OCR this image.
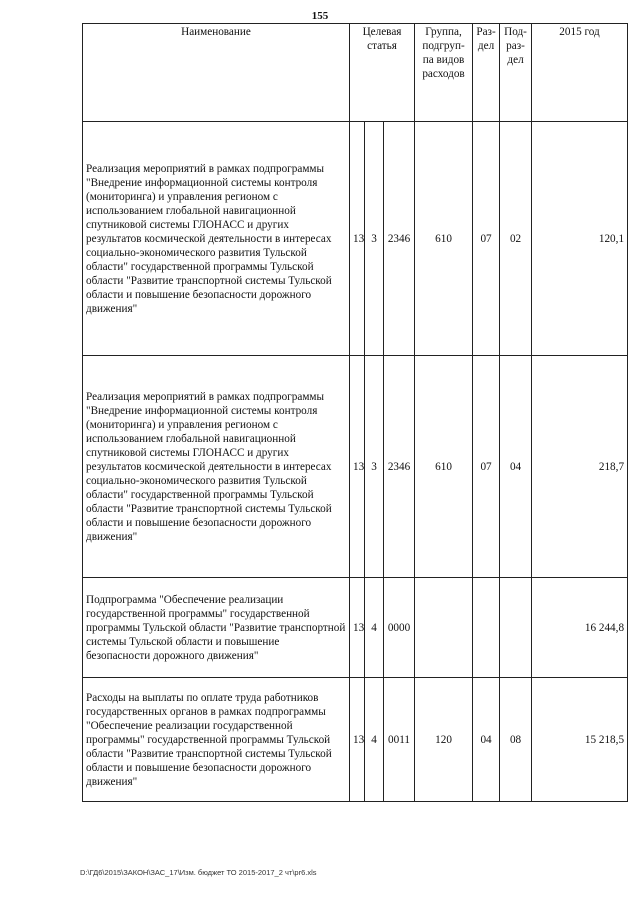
155
Наименование	Целевая статья			Группа, подгруп-па видов расходов	Раз-дел	Под-раз-дел	2015 год
Реализация мероприятий в рамках подпрограммы "Внедрение информационной системы контроля (мониторинга) и управления регионом с использованием глобальной навигационной спутниковой системы ГЛОНАСС и других результатов космической деятельности в интересах социально-экономического развития Тульской области" государственной программы Тульской области "Развитие транспортной системы Тульской области и повышение безопасности дорожного движения"	13	3	2346	610	07	02	120,1
Реализация мероприятий в рамках подпрограммы "Внедрение информационной системы контроля (мониторинга) и управления регионом с использованием глобальной навигационной спутниковой системы ГЛОНАСС и других результатов космической деятельности в интересах социально-экономического развития Тульской области" государственной программы Тульской области "Развитие транспортной системы Тульской области и повышение безопасности дорожного движения"	13	3	2346	610	07	04	218,7
Подпрограмма "Обеспечение реализации государственной программы" государственной программы Тульской области "Развитие транспортной системы Тульской области и повышение безопасности дорожного движения"	13	4	0000				16 244,8
Расходы на выплаты по оплате труда работников государственных органов в рамках подпрограммы "Обеспечение реализации государственной программы" государственной программы Тульской области "Развитие транспортной системы Тульской области и повышение безопасности дорожного движения"	13	4	0011	120	04	08	15 218,5
D:\ГД6\2015\ЗАКОН\ЗАС_17\Изм. бюджет ТО 2015-2017_2 чт\pr6.xls
